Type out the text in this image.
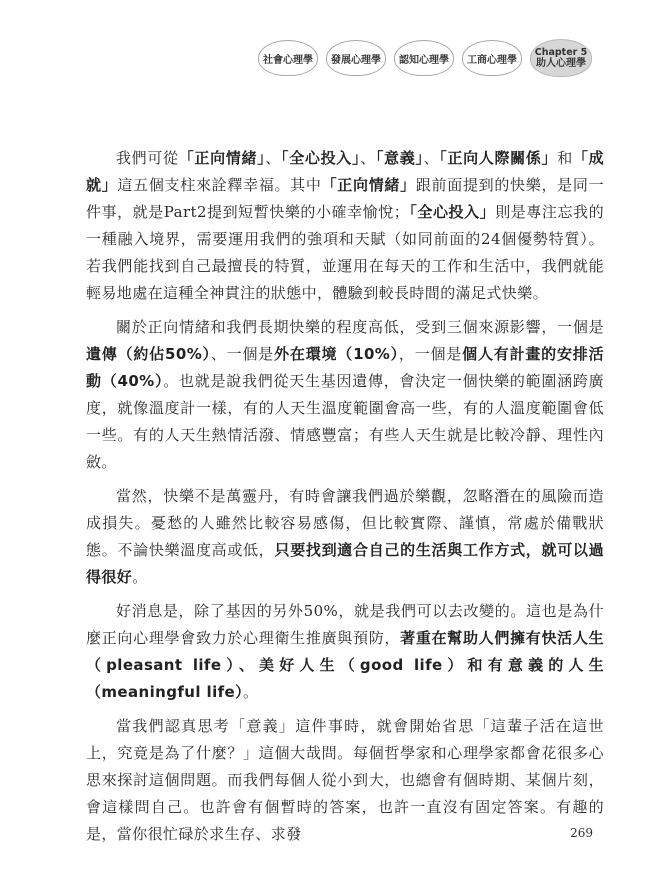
社會心理學 發展心理學 認知心理學 工商心理學
Chapter 5
助人心理學

我們可從「正向情緒」、「全心投入」、「意義」、「正向人際關係」和「成就」這五個支柱來詮釋幸福。其中「正向情緒」跟前面提到的快樂，是同一件事，就是Part2提到短暫快樂的小確幸愉悅；「全心投入」則是專注忘我的一種融入境界，需要運用我們的強項和天賦（如同前面的24個優勢特質）。若我們能找到自己最擅長的特質，並運用在每天的工作和生活中，我們就能輕易地處在這種全神貫注的狀態中，體驗到較長時間的滿足式快樂。

關於正向情緒和我們長期快樂的程度高低，受到三個來源影響，一個是遺傳（約佔50%）、一個是外在環境（10%），一個是個人有計畫的安排活動（40%）。也就是說我們從天生基因遺傳，會決定一個快樂的範圍涵跨廣度，就像溫度計一樣，有的人天生溫度範圍會高一些，有的人溫度範圍會低一些。有的人天生熱情活潑、情感豐富；有些人天生就是比較冷靜、理性內斂。

當然，快樂不是萬靈丹，有時會讓我們過於樂觀，忽略潛在的風險而造成損失。憂愁的人雖然比較容易感傷，但比較實際、謹慎，常處於備戰狀態。不論快樂溫度高或低，只要找到適合自己的生活與工作方式，就可以過得很好。

好消息是，除了基因的另外50%，就是我們可以去改變的。這也是為什麼正向心理學會致力於心理衛生推廣與預防，著重在幫助人們擁有快活人生（pleasant life）、美好人生（good life）和有意義的人生（meaningful life）。

當我們認真思考「意義」這件事時，就會開始省思「這輩子活在這世上，究竟是為了什麼？」這個大哉問。每個哲學家和心理學家都會花很多心思來探討這個問題。而我們每個人從小到大，也總會有個時期、某個片刻，會這樣問自己。也許會有個暫時的答案，也許一直沒有固定答案。有趣的是，當你很忙碌於求生存、求發	269
